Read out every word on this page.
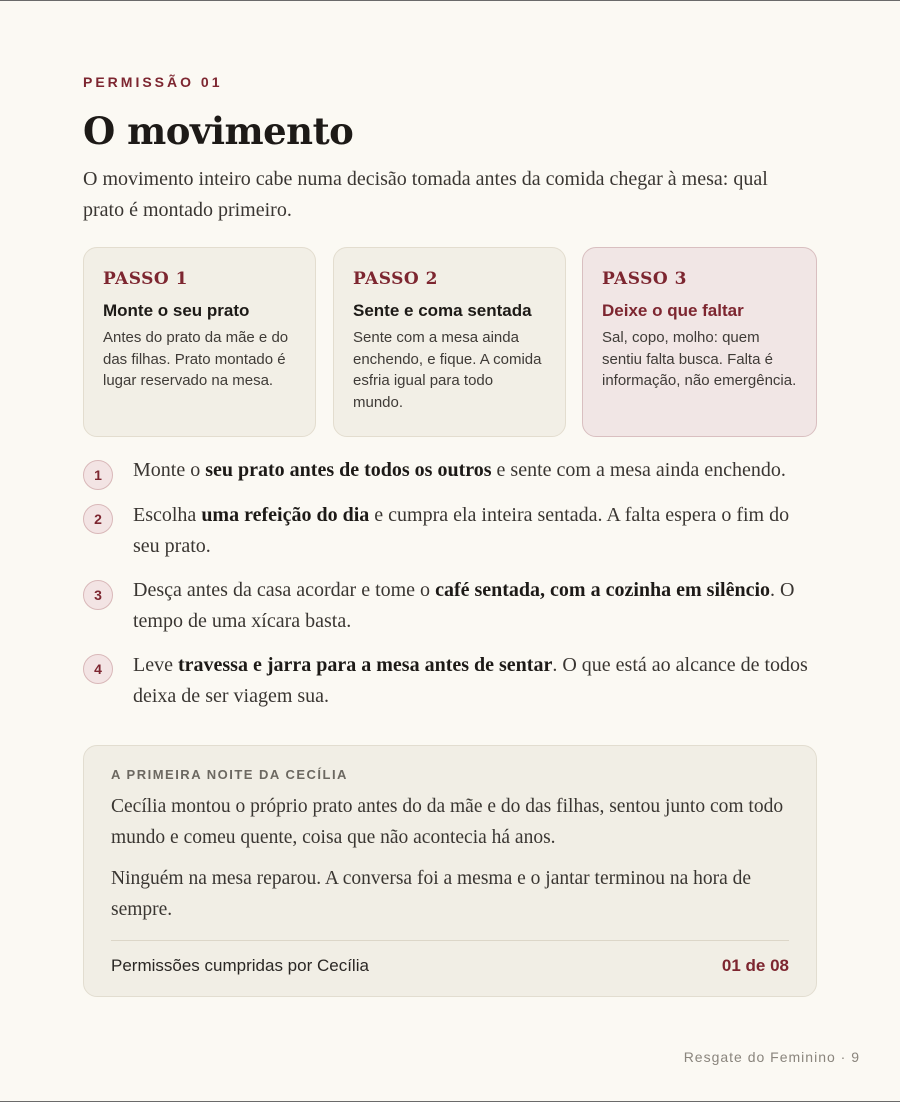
PERMISSÃO 01
O movimento

O movimento inteiro cabe numa decisão tomada antes da comida chegar à mesa: qual prato é montado primeiro.

PASSO 1
Monte o seu prato
Antes do prato da mãe e do das filhas. Prato montado é lugar reservado na mesa.
PASSO 2
Sente e coma sentada
Sente com a mesa ainda enchendo, e fique. A comida esfria igual para todo mundo.
PASSO 3
Deixe o que faltar
Sal, copo, molho: quem sentiu falta busca. Falta é informação, não emergência.
1	Monte o seu prato antes de todos os outros e sente com a mesa ainda enchendo.
2	Escolha uma refeição do dia e cumpra ela inteira sentada. A falta espera o fim do seu prato.
3	Desça antes da casa acordar e tome o café sentada, com a cozinha em silêncio. O tempo de uma xícara basta.
4	Leve travessa e jarra para a mesa antes de sentar. O que está ao alcance de todos deixa de ser viagem sua.
A PRIMEIRA NOITE DA CECÍLIA

Cecília montou o próprio prato antes do da mãe e do das filhas, sentou junto com todo mundo e comeu quente, coisa que não acontecia há anos.

Ninguém na mesa reparou. A conversa foi a mesma e o jantar terminou na hora de sempre.

Permissões cumpridas por Cecília	01 de 08
Resgate do Feminino · 9
